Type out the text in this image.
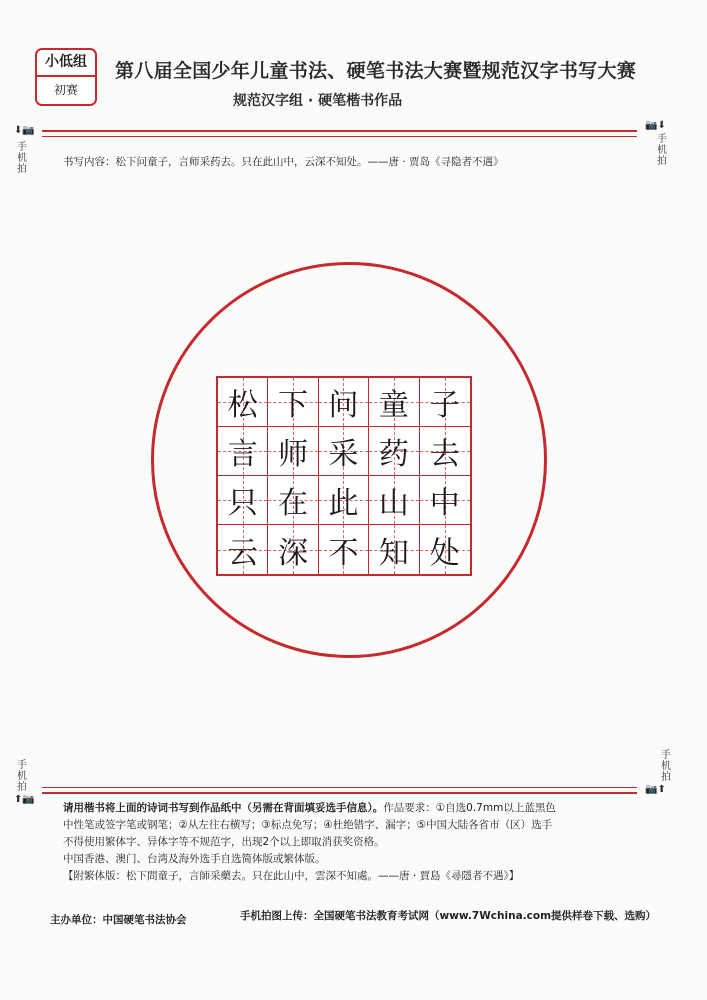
小低组
初赛
第八届全国少年儿童书法、硬笔书法大赛暨规范汉字书写大赛
规范汉字组 · 硬笔楷书作品
⬇📷
手机拍
📷⬇
手机拍
书写内容：松下问童子，言师采药去。只在此山中，云深不知处。——唐 · 贾岛《寻隐者不遇》
松 下 问 童 子
言 师 采 药 去
只 在 此 山 中
云 深 不 知 处
手机拍
⬆📷
手机拍
📷⬆
请用楷书将上面的诗词书写到作品纸中（另需在背面填妥选手信息）。作品要求：①自选0.7mm以上蓝黑色
中性笔或签字笔或钢笔；②从左往右横写；③标点免写；④杜绝错字、漏字；⑤中国大陆各省市（区）选手
不得使用繁体字、异体字等不规范字，出现2个以上即取消获奖资格。
中国香港、澳门、台湾及海外选手自选简体版或繁体版。
【附繁体版：松下問童子，言師采藥去。只在此山中，雲深不知處。——唐 · 賈島《尋隱者不遇》】
主办单位：中国硬笔书法协会	手机拍图上传：全国硬笔书法教育考试网（www.7Wchina.com提供样卷下载、选购）
